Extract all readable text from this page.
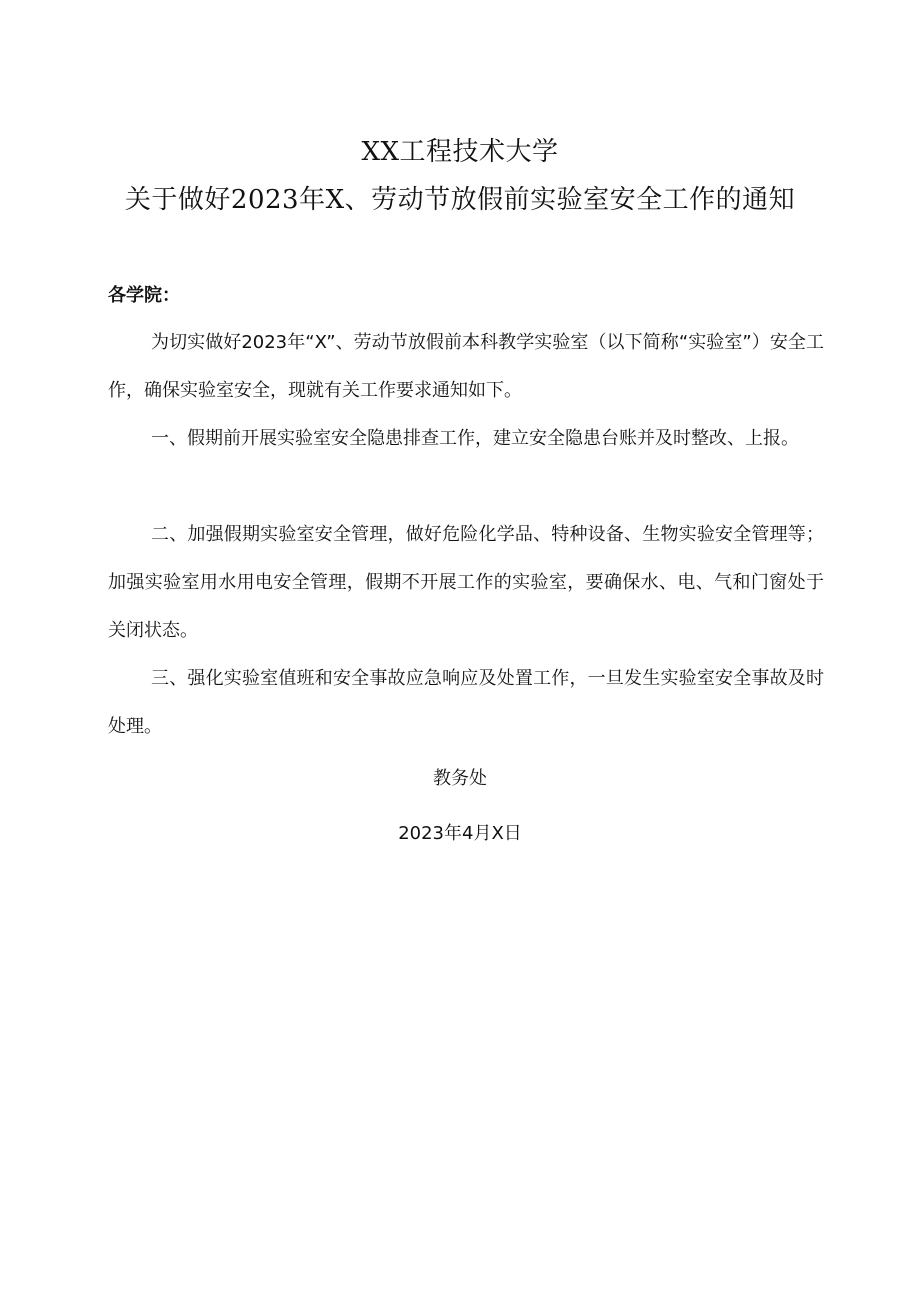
XX工程技术大学
关于做好2023年X、劳动节放假前实验室安全工作的通知
各学院：
为切实做好2023年“X”、劳动节放假前本科教学实验室（以下简称“实验室”）安全工作，确保实验室安全，现就有关工作要求通知如下。
一、假期前开展实验室安全隐患排查工作，建立安全隐患台账并及时整改、上报。
二、加强假期实验室安全管理，做好危险化学品、特种设备、生物实验安全管理等；加强实验室用水用电安全管理，假期不开展工作的实验室，要确保水、电、气和门窗处于关闭状态。
三、强化实验室值班和安全事故应急响应及处置工作，一旦发生实验室安全事故及时处理。
教务处
2023年4月X日
